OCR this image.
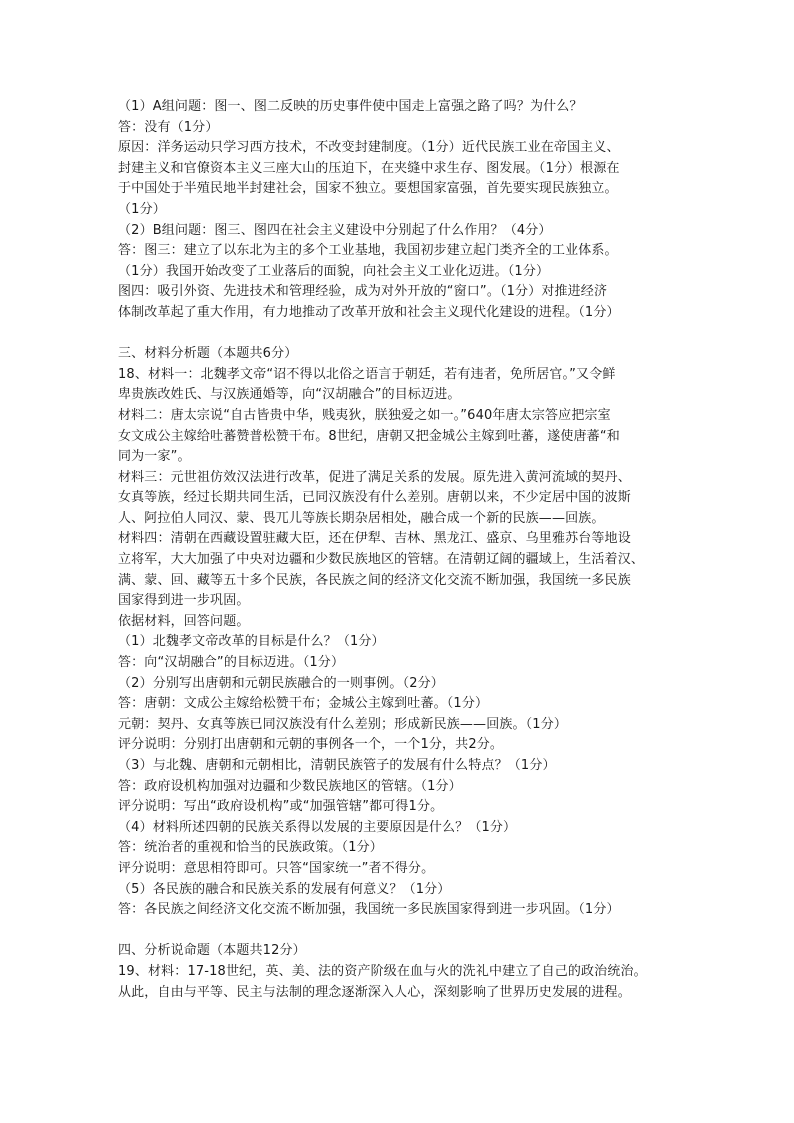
（1）A组问题：图一、图二反映的历史事件使中国走上富强之路了吗？为什么？
答：没有（1分）
原因：洋务运动只学习西方技术，不改变封建制度。（1分）近代民族工业在帝国主义、
封建主义和官僚资本主义三座大山的压迫下，在夹缝中求生存、图发展。（1分）根源在
于中国处于半殖民地半封建社会，国家不独立。要想国家富强，首先要实现民族独立。
（1分）
（2）B组问题：图三、图四在社会主义建设中分别起了什么作用？（4分）
答：图三：建立了以东北为主的多个工业基地，我国初步建立起门类齐全的工业体系。
（1分）我国开始改变了工业落后的面貌，向社会主义工业化迈进。（1分）
图四：吸引外资、先进技术和管理经验，成为对外开放的“窗口”。（1分）对推进经济
体制改革起了重大作用，有力地推动了改革开放和社会主义现代化建设的进程。（1分）
三、材料分析题（本题共6分）
18、材料一：北魏孝文帝“诏不得以北俗之语言于朝廷，若有违者，免所居官。”又令鲜
卑贵族改姓氏、与汉族通婚等，向“汉胡融合”的目标迈进。
材料二：唐太宗说“自古皆贵中华，贱夷狄，朕独爱之如一。”640年唐太宗答应把宗室
女文成公主嫁给吐蕃赞普松赞干布。8世纪，唐朝又把金城公主嫁到吐蕃，遂使唐蕃“和
同为一家”。
材料三：元世祖仿效汉法进行改革，促进了满足关系的发展。原先进入黄河流域的契丹、
女真等族，经过长期共同生活，已同汉族没有什么差别。唐朝以来，不少定居中国的波斯
人、阿拉伯人同汉、蒙、畏兀儿等族长期杂居相处，融合成一个新的民族——回族。
材料四：清朝在西藏设置驻藏大臣，还在伊犁、吉林、黑龙江、盛京、乌里雅苏台等地设
立将军，大大加强了中央对边疆和少数民族地区的管辖。在清朝辽阔的疆域上，生活着汉、
满、蒙、回、藏等五十多个民族，各民族之间的经济文化交流不断加强，我国统一多民族
国家得到进一步巩固。
依据材料，回答问题。
（1）北魏孝文帝改革的目标是什么？（1分）
答：向“汉胡融合”的目标迈进。（1分）
（2）分别写出唐朝和元朝民族融合的一则事例。（2分）
答：唐朝：文成公主嫁给松赞干布；金城公主嫁到吐蕃。（1分）
元朝：契丹、女真等族已同汉族没有什么差别；形成新民族——回族。（1分）
评分说明：分别打出唐朝和元朝的事例各一个，一个1分，共2分。
（3）与北魏、唐朝和元朝相比，清朝民族管子的发展有什么特点？（1分）
答：政府设机构加强对边疆和少数民族地区的管辖。（1分）
评分说明：写出“政府设机构”或“加强管辖”都可得1分。
（4）材料所述四朝的民族关系得以发展的主要原因是什么？（1分）
答：统治者的重视和恰当的民族政策。（1分）
评分说明：意思相符即可。只答“国家统一”者不得分。
（5）各民族的融合和民族关系的发展有何意义？（1分）
答：各民族之间经济文化交流不断加强，我国统一多民族国家得到进一步巩固。（1分）
四、分析说命题（本题共12分）
19、材料：17-18世纪，英、美、法的资产阶级在血与火的洗礼中建立了自己的政治统治。
从此，自由与平等、民主与法制的理念逐渐深入人心，深刻影响了世界历史发展的进程。
